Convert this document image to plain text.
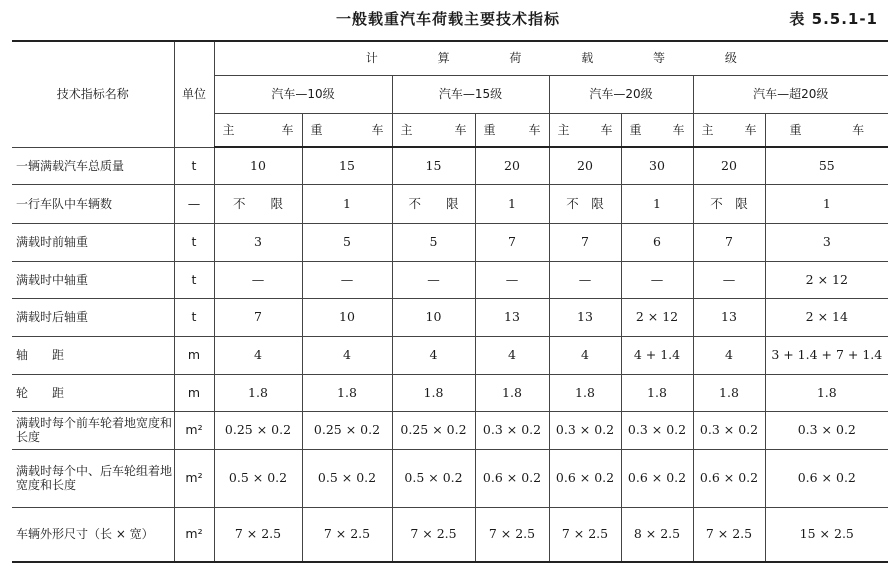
一般载重汽车荷载主要技术指标	表 5.5.1-1
技术指标名称	单位	计 算 荷 载 等 级							
		汽车—10级		汽车—15级		汽车—20级		汽车—超20级	

		主 车	重 车	主 车	重 车	主 车	重 车	主 车	重 车

一辆满载汽车总质量	t	10	15	15	20	20	30	20	55
一行车队中车辆数	—	不　　限	1	不　　限	1	不　限	1	不　限	1
满载时前轴重	t	3	5	5	7	7	6	7	3
满载时中轴重	t	—	—	—	—	—	—	—	2 × 12
满载时后轴重	t	7	10	10	13	13	2 × 12	13	2 × 14
轴　　距	m	4	4	4	4	4	4 + 1.4	4	3 + 1.4 + 7 + 1.4
轮　　距	m	1.8	1.8	1.8	1.8	1.8	1.8	1.8	1.8
满载时每个前车轮着地宽度和长度	m²	0.25 × 0.2	0.25 × 0.2	0.25 × 0.2	0.3 × 0.2	0.3 × 0.2	0.3 × 0.2	0.3 × 0.2	0.3 × 0.2
满载时每个中、后车轮组着地宽度和长度	m²	0.5 × 0.2	0.5 × 0.2	0.5 × 0.2	0.6 × 0.2	0.6 × 0.2	0.6 × 0.2	0.6 × 0.2	0.6 × 0.2
车辆外形尺寸（长 × 宽）	m²	7 × 2.5	7 × 2.5	7 × 2.5	7 × 2.5	7 × 2.5	8 × 2.5	7 × 2.5	15 × 2.5
